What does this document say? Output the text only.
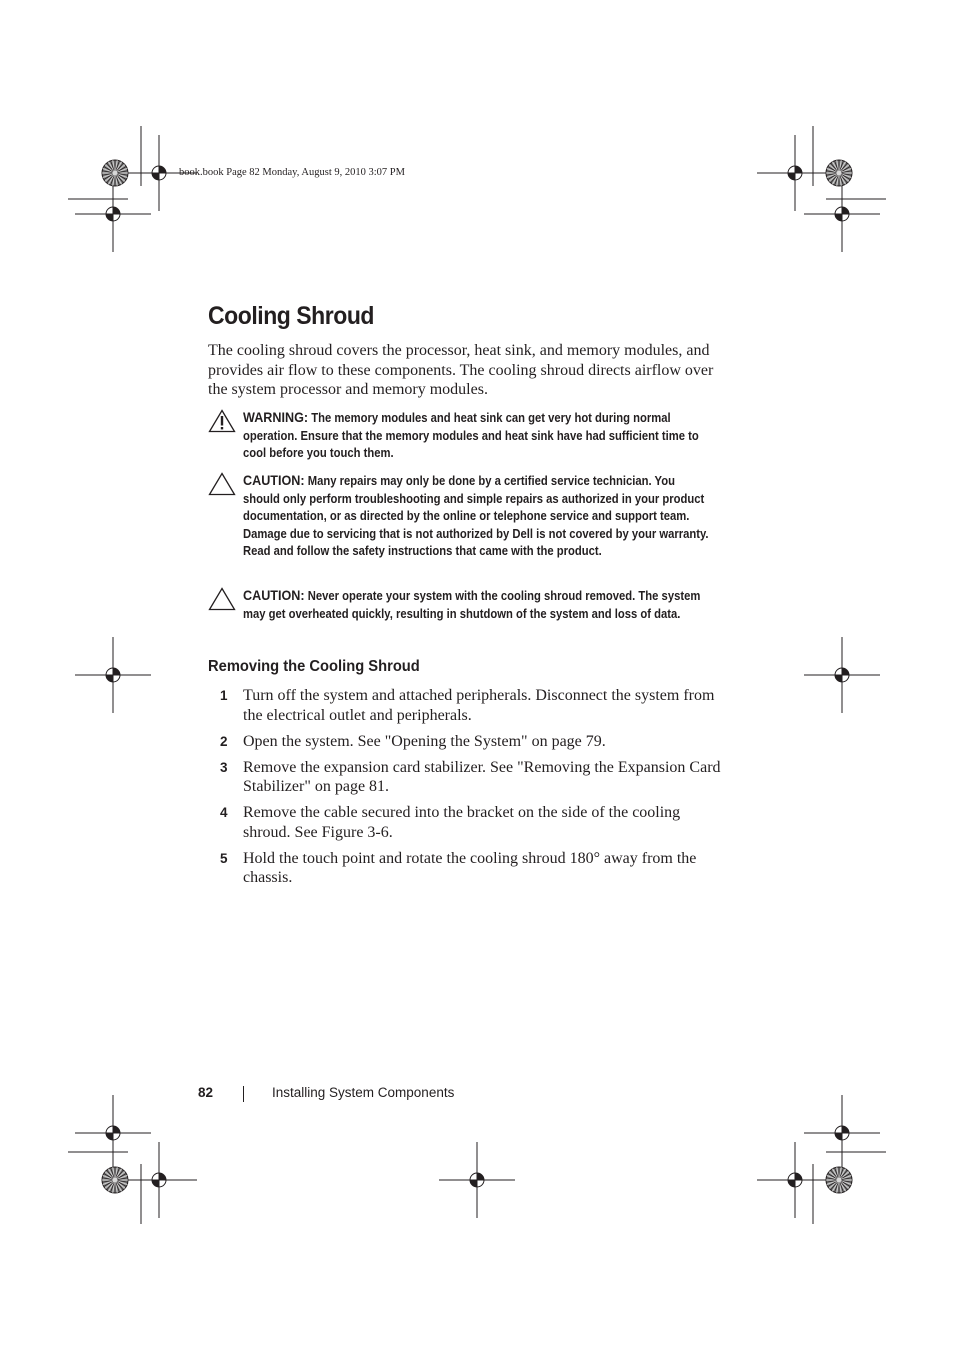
book.book Page 82 Monday, August 9, 2010 3:07 PM
Cooling Shroud

The cooling shroud covers the processor, heat sink, and memory modules, and provides air flow to these components. The cooling shroud directs airflow over the system processor and memory modules.

WARNING: The memory modules and heat sink can get very hot during normal operation. Ensure that the memory modules and heat sink have had sufficient time to cool before you touch them.
CAUTION: Many repairs may only be done by a certified service technician. You should only perform troubleshooting and simple repairs as authorized in your product documentation, or as directed by the online or telephone service and support team. Damage due to servicing that is not authorized by Dell is not covered by your warranty. Read and follow the safety instructions that came with the product.
CAUTION: Never operate your system with the cooling shroud removed. The system may get overheated quickly, resulting in shutdown of the system and loss of data.
Removing the Cooling Shroud
1 Turn off the system and attached peripherals. Disconnect the system from the electrical outlet and peripherals.
2 Open the system. See "Opening the System" on page 79.
3 Remove the expansion card stabilizer. See "Removing the Expansion Card Stabilizer" on page 81.
4 Remove the cable secured into the bracket on the side of the cooling shroud. See Figure 3-6.
5 Hold the touch point and rotate the cooling shroud 180° away from the chassis.
82	Installing System Components
